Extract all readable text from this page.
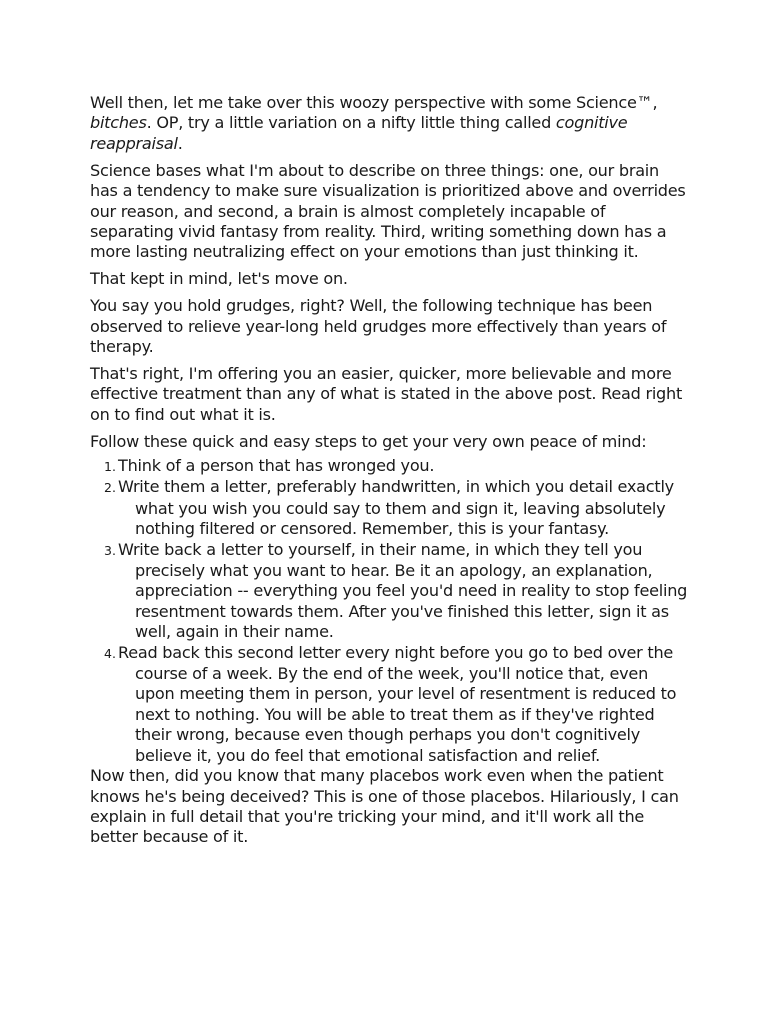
Well then, let me take over this woozy perspective with some Science™, bitches. OP, try a little variation on a nifty little thing called cognitive reappraisal.

Science bases what I'm about to describe on three things: one, our brain has a tendency to make sure visualization is prioritized above and overrides our reason, and second, a brain is almost completely incapable of separating vivid fantasy from reality. Third, writing something down has a more lasting neutralizing effect on your emotions than just thinking it.

That kept in mind, let's move on.

You say you hold grudges, right? Well, the following technique has been observed to relieve year-long held grudges more effectively than years of therapy.

That's right, I'm offering you an easier, quicker, more believable and more effective treatment than any of what is stated in the above post. Read right on to find out what it is.

Follow these quick and easy steps to get your very own peace of mind:

1. Think of a person that has wronged you.
2. Write them a letter, preferably handwritten, in which you detail exactly what you wish you could say to them and sign it, leaving absolutely nothing filtered or censored. Remember, this is your fantasy.
3. Write back a letter to yourself, in their name, in which they tell you precisely what you want to hear. Be it an apology, an explanation, appreciation -- everything you feel you'd need in reality to stop feeling resentment towards them. After you've finished this letter, sign it as well, again in their name.
4. Read back this second letter every night before you go to bed over the course of a week. By the end of the week, you'll notice that, even upon meeting them in person, your level of resentment is reduced to next to nothing. You will be able to treat them as if they've righted their wrong, because even though perhaps you don't cognitively believe it, you do feel that emotional satisfaction and relief.

Now then, did you know that many placebos work even when the patient knows he's being deceived? This is one of those placebos. Hilariously, I can explain in full detail that you're tricking your mind, and it'll work all the better because of it.
